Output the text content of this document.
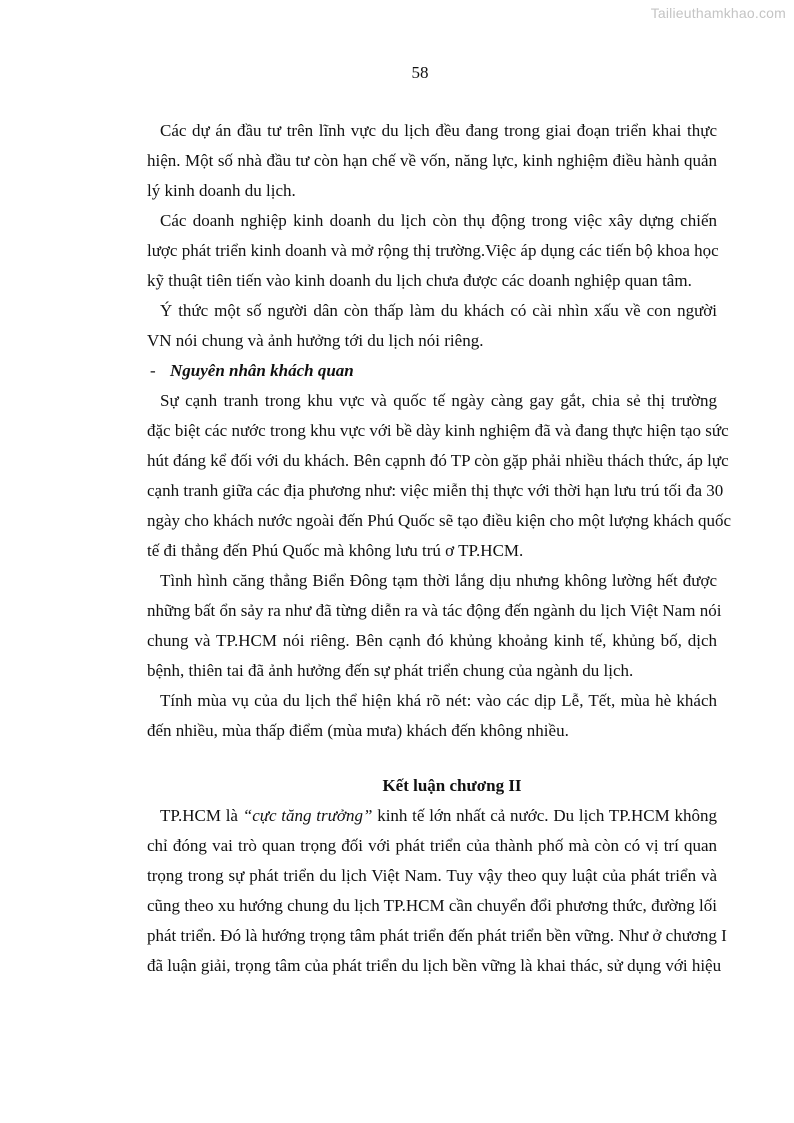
Tailieuthamkhao.com
58
Các dự án đầu tư trên lĩnh vực du lịch đều đang trong giai đoạn triển khai thực
hiện. Một số nhà đầu tư còn hạn chế về vốn, năng lực, kinh nghiệm điều hành quản
lý kinh doanh du lịch.
Các doanh nghiệp kinh doanh du lịch còn thụ động trong việc xây dựng chiến
lược phát triển kinh doanh và mở rộng thị trường.Việc áp dụng các tiến bộ khoa học
kỹ thuật tiên tiến vào kinh doanh du lịch chưa được các doanh nghiệp quan tâm.
Ý thức một số người dân còn thấp làm du khách có cài nhìn xấu về con người
VN nói chung và ảnh hưởng tới du lịch nói riêng.
- Nguyên nhân khách quan
Sự cạnh tranh trong khu vực và quốc tế ngày càng gay gắt, chia sẻ thị trường
đặc biệt các nước trong khu vực với bề dày kinh nghiệm đã và đang thực hiện tạo sức
hút đáng kể đối với du khách. Bên cạpnh đó TP còn gặp phải nhiều thách thức, áp lực
cạnh tranh giữa các địa phương như: việc miễn thị thực với thời hạn lưu trú tối đa 30
ngày cho khách nước ngoài đến Phú Quốc sẽ tạo điều kiện cho một lượng khách quốc
tế đi thẳng đến Phú Quốc mà không lưu trú ơ TP.HCM.
Tình hình căng thẳng Biển Đông tạm thời lắng dịu nhưng không lường hết được
những bất ổn sảy ra như đã từng diễn ra và tác động đến ngành du lịch Việt Nam nói
chung và TP.HCM nói riêng. Bên cạnh đó khủng khoảng kinh tế, khủng bố, dịch
bệnh, thiên tai đã ảnh hưởng đến sự phát triển chung của ngành du lịch.
Tính mùa vụ của du lịch thể hiện khá rõ nét: vào các dịp Lễ, Tết, mùa hè khách
đến nhiều, mùa thấp điểm (mùa mưa) khách đến không nhiều.
Kết luận chương II
TP.HCM là “cực tăng trưởng” kinh tế lớn nhất cả nước. Du lịch TP.HCM không
chỉ đóng vai trò quan trọng đối với phát triển của thành phố mà còn có vị trí quan
trọng trong sự phát triển du lịch Việt Nam. Tuy vậy theo quy luật của phát triển và
cũng theo xu hướng chung du lịch TP.HCM cần chuyển đổi phương thức, đường lối
phát triển. Đó là hướng trọng tâm phát triển đến phát triển bền vững. Như ở chương I
đã luận giải, trọng tâm của phát triển du lịch bền vững là khai thác, sử dụng với hiệu
